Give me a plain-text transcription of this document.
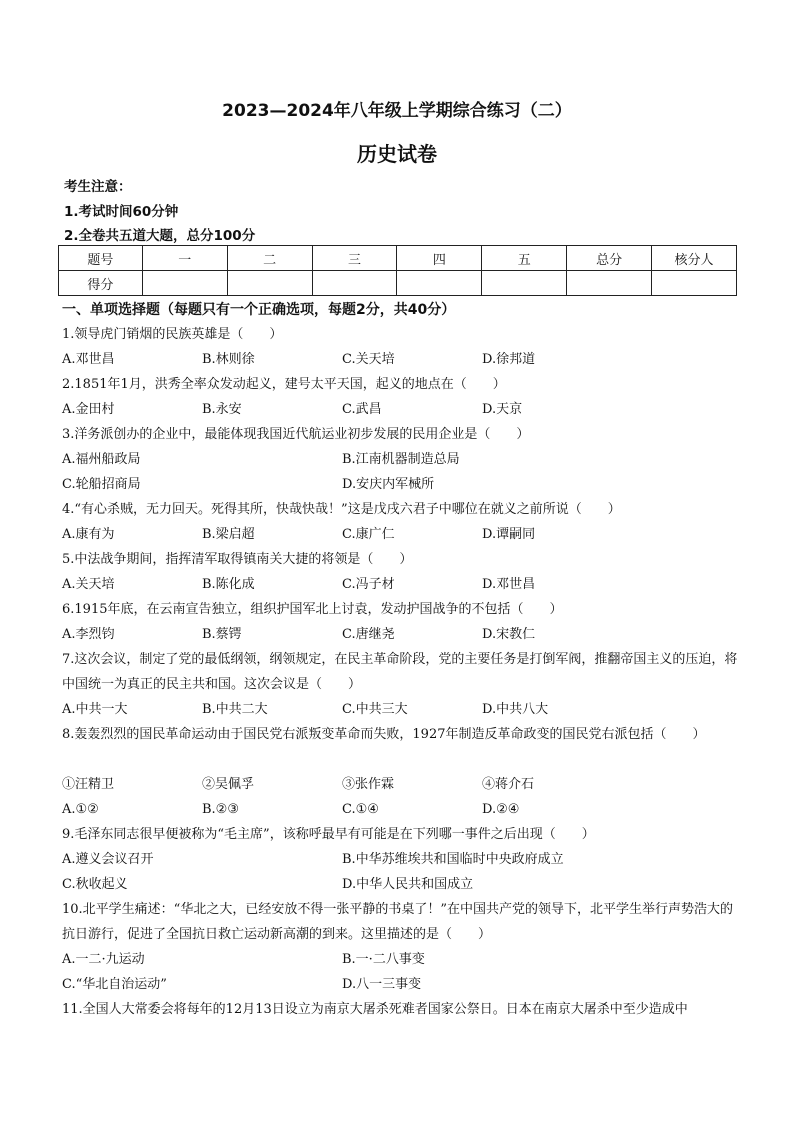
2023—2024年八年级上学期综合练习（二）
历史试卷
考生注意：
1.考试时间60分钟
2.全卷共五道大题，总分100分
题号	一	二	三	四	五	总分	核分人
得分							
一、单项选择题（每题只有一个正确选项，每题2分，共40分）
1.领导虎门销烟的民族英雄是（　　）
A.邓世昌	B.林则徐	C.关天培	D.徐邦道
2.1851年1月，洪秀全率众发动起义，建号太平天国，起义的地点在（　　）
A.金田村	B.永安	C.武昌	D.天京
3.洋务派创办的企业中，最能体现我国近代航运业初步发展的民用企业是（　　）
A.福州船政局	B.江南机器制造总局
C.轮船招商局	D.安庆内军械所
4.“有心杀贼，无力回天。死得其所，快哉快哉！”这是戊戌六君子中哪位在就义之前所说（　　）
A.康有为	B.梁启超	C.康广仁	D.谭嗣同
5.中法战争期间，指挥清军取得镇南关大捷的将领是（　　）
A.关天培	B.陈化成	C.冯子材	D.邓世昌
6.1915年底，在云南宣告独立，组织护国军北上讨袁，发动护国战争的不包括（　　）
A.李烈钧	B.蔡锷	C.唐继尧	D.宋教仁
7.这次会议，制定了党的最低纲领，纲领规定，在民主革命阶段，党的主要任务是打倒军阀，推翻帝国主义的压迫，将中国统一为真正的民主共和国。这次会议是（　　）
A.中共一大	B.中共二大	C.中共三大	D.中共八大
8.轰轰烈烈的国民革命运动由于国民党右派叛变革命而失败，1927年制造反革命政变的国民党右派包括（　　）
①汪精卫	②吴佩孚	③张作霖	④蒋介石
A.①②	B.②③	C.①④	D.②④
9.毛泽东同志很早便被称为“毛主席”，该称呼最早有可能是在下列哪一事件之后出现（　　）
A.遵义会议召开	B.中华苏维埃共和国临时中央政府成立
C.秋收起义	D.中华人民共和国成立
10.北平学生痛述：“华北之大，已经安放不得一张平静的书桌了！”在中国共产党的领导下，北平学生举行声势浩大的抗日游行，促进了全国抗日救亡运动新高潮的到来。这里描述的是（　　）
A.一二·九运动	B.一·二八事变
C.“华北自治运动”	D.八一三事变
11.全国人大常委会将每年的12月13日设立为南京大屠杀死难者国家公祭日。日本在南京大屠杀中至少造成中
